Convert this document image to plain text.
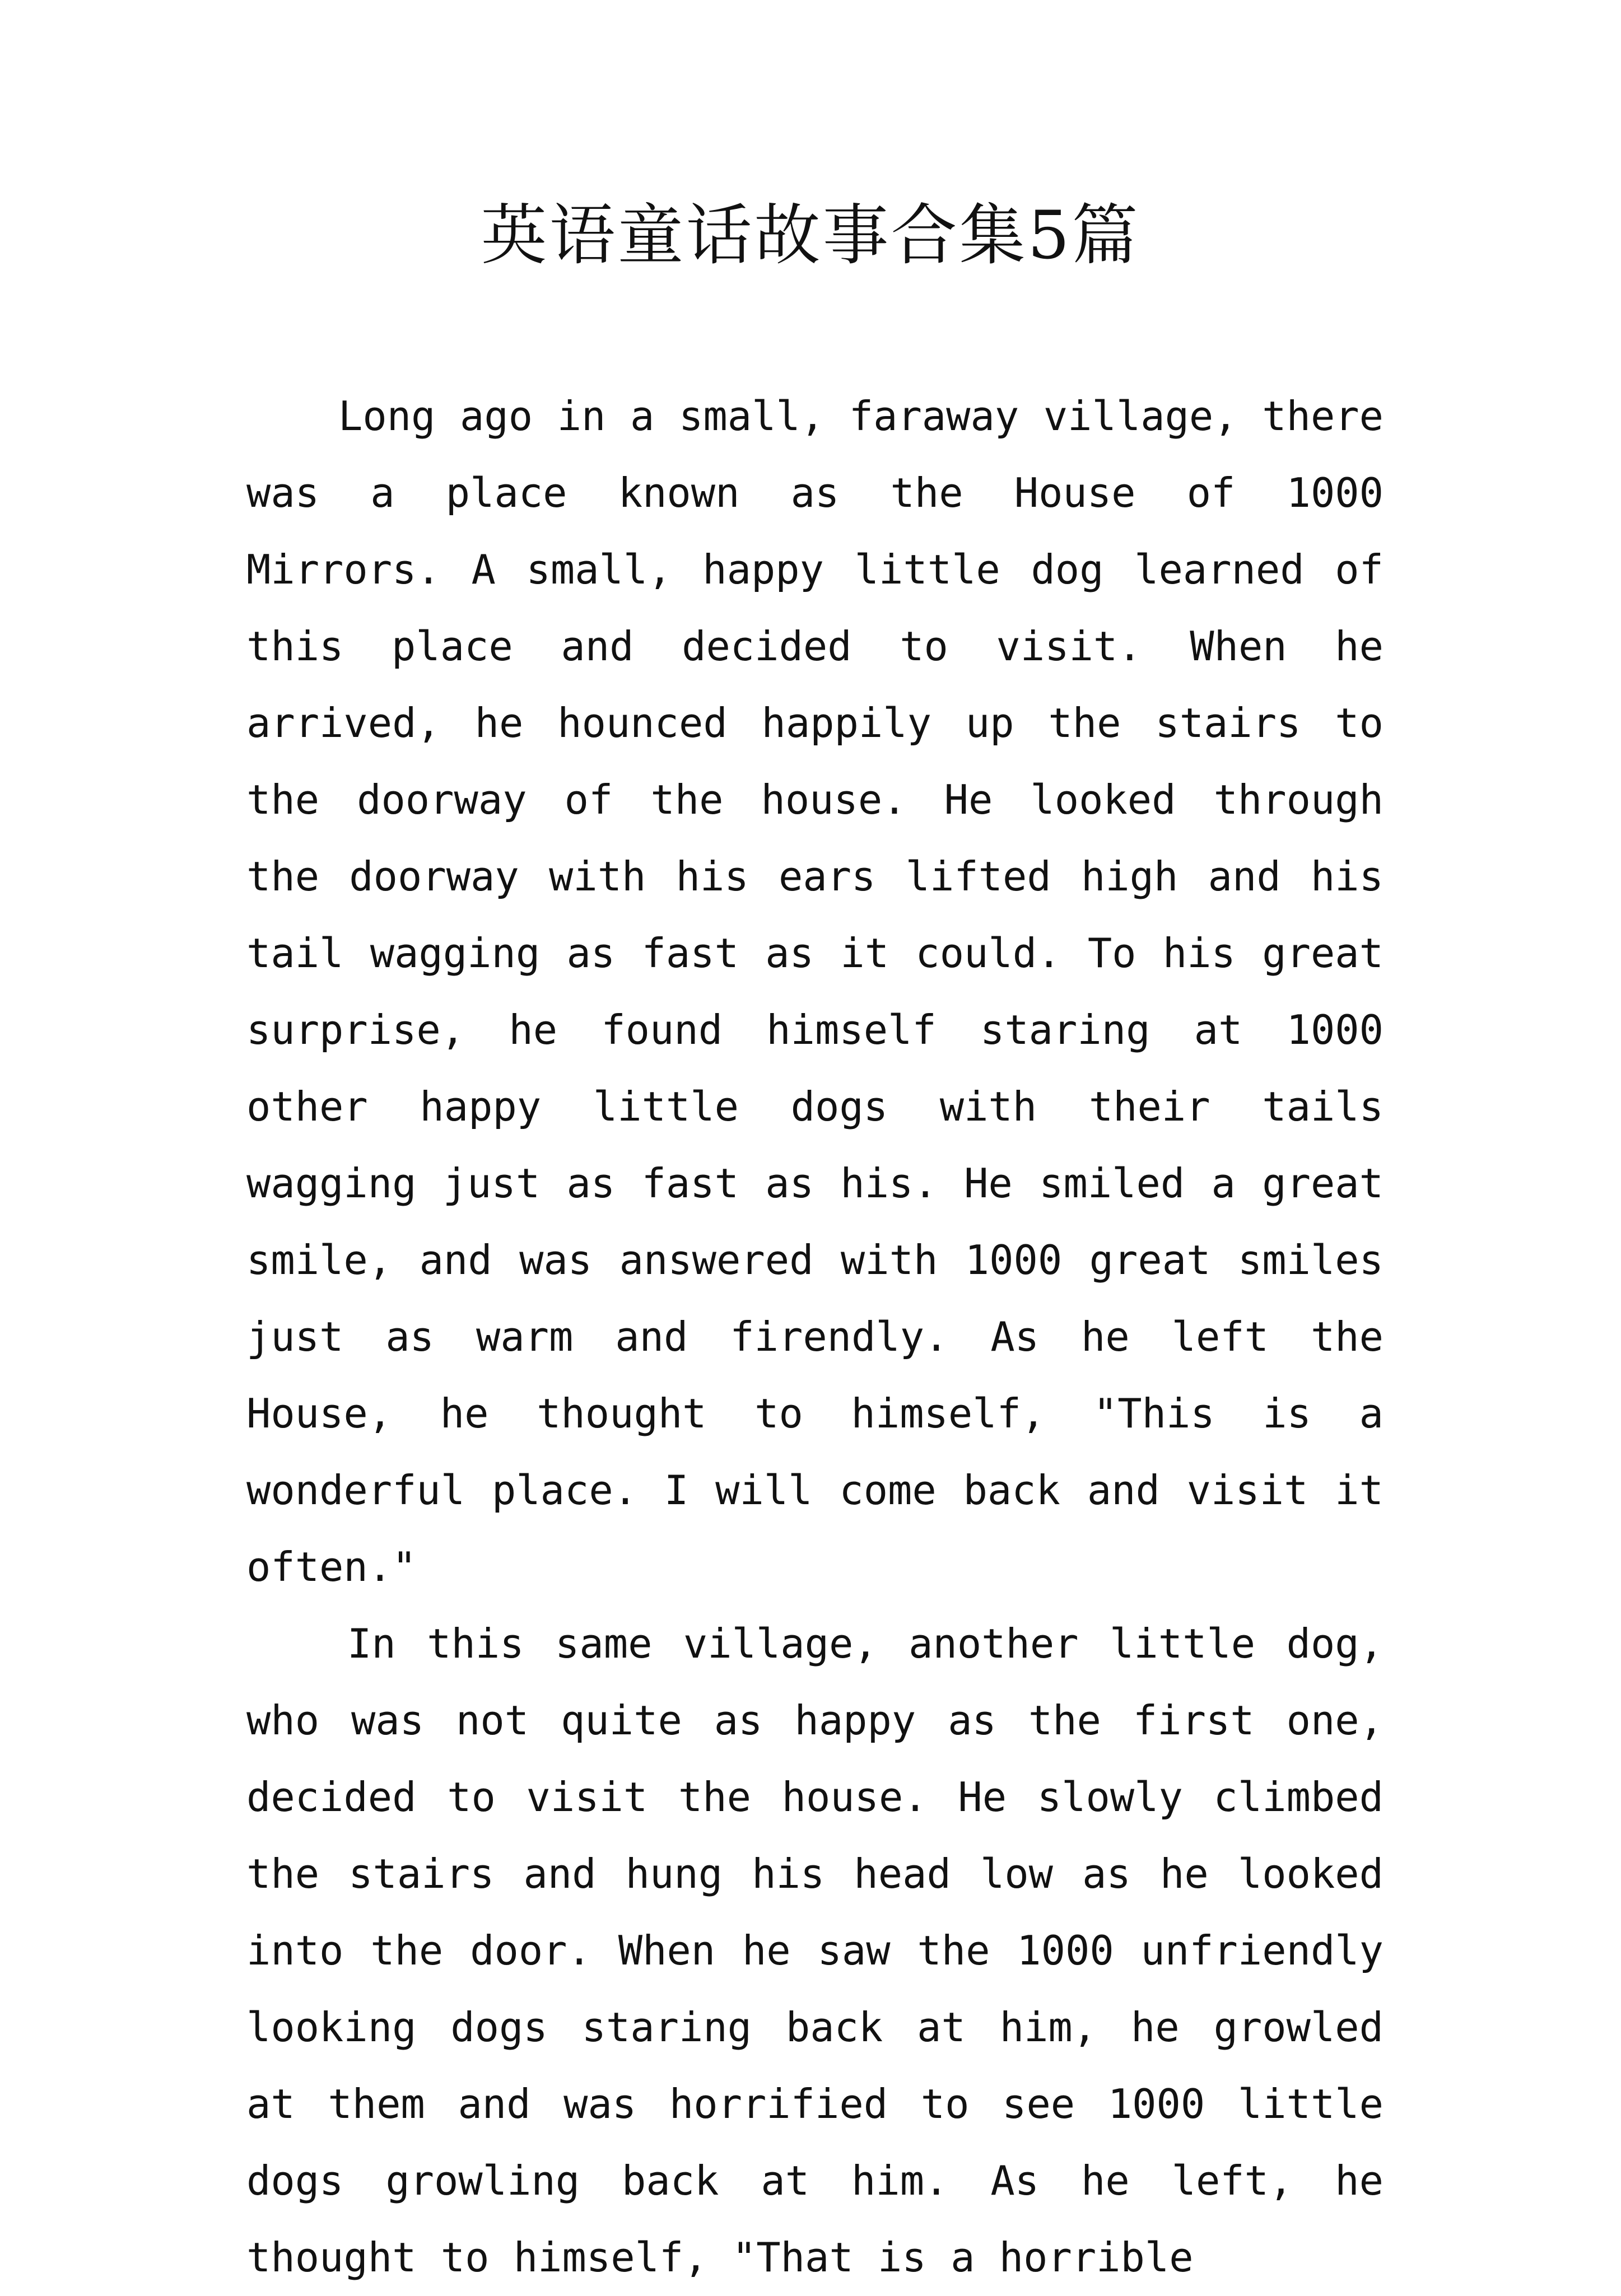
英语童话故事合集5篇

Long ago in a small, faraway village, there was a place known as the House of 1000 Mirrors. A small, happy little dog learned of this place and decided to visit. When he arrived, he hounced happily up the stairs to the doorway of the house. He looked through the doorway with his ears lifted high and his tail wagging as fast as it could. To his great surprise, he found himself staring at 1000 other happy little dogs with their tails wagging just as fast as his. He smiled a great smile, and was answered with 1000 great smiles just as warm and firendly. As he left the House, he thought to himself, "This is a wonderful place. I will come back and visit it often."

In this same village, another little dog, who was not quite as happy as the first one, decided to visit the house. He slowly climbed the stairs and hung his head low as he looked into the door. When he saw the 1000 unfriendly looking dogs staring back at him, he growled at them and was horrified to see 1000 little dogs growling back at him. As he left, he thought to himself, "That is a horrible
